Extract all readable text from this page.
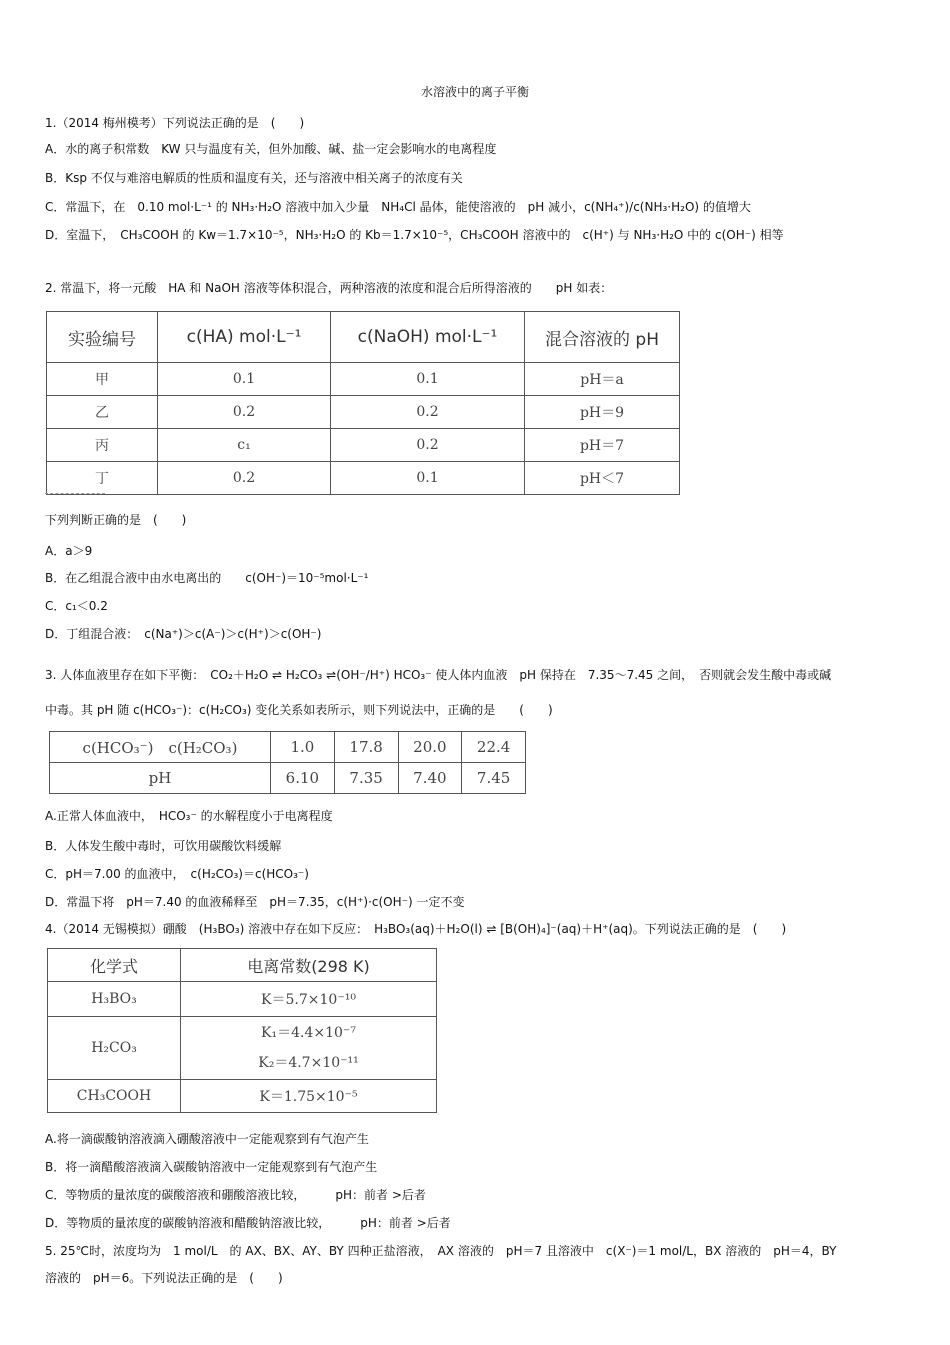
水溶液中的离子平衡
1.（2014 梅州模考）下列说法正确的是　(　　)
A．水的离子积常数　KW 只与温度有关，但外加酸、碱、盐一定会影响水的电离程度
B．Ksp 不仅与难溶电解质的性质和温度有关，还与溶液中相关离子的浓度有关
C．常温下，在　0.10 mol·L⁻¹ 的 NH₃·H₂O 溶液中加入少量　NH₄Cl 晶体，能使溶液的　pH 减小，c(NH₄⁺)/c(NH₃·H₂O) 的值增大
D．室温下，　CH₃COOH 的 Kw＝1.7×10⁻⁵，NH₃·H₂O 的 Kb＝1.7×10⁻⁵，CH₃COOH 溶液中的　c(H⁺) 与 NH₃·H₂O 中的 c(OH⁻) 相等
2. 常温下，将一元酸　HA 和 NaOH 溶液等体积混合，两种溶液的浓度和混合后所得溶液的　　pH 如表：
实验编号	c(HA) mol·L⁻¹	c(NaOH) mol·L⁻¹	混合溶液的 pH
甲	0.1	0.1	pH＝a
乙	0.2	0.2	pH＝9
丙	c₁	0.2	pH＝7
丁	0.2	0.1	pH＜7
下列判断正确的是　(　　)
A．a＞9
B．在乙组混合液中由水电离出的　　c(OH⁻)＝10⁻⁵mol·L⁻¹
C．c₁＜0.2
D．丁组混合液：　c(Na⁺)＞c(A⁻)＞c(H⁺)＞c(OH⁻)
3. 人体血液里存在如下平衡：　CO₂＋H₂O ⇌ H₂CO₃ ⇌(OH⁻/H⁺) HCO₃⁻ 使人体内血液　pH 保持在　7.35～7.45 之间，　否则就会发生酸中毒或碱
中毒。其 pH 随 c(HCO₃⁻)：c(H₂CO₃) 变化关系如表所示，则下列说法中，正确的是　　(　　)
c(HCO₃⁻)　c(H₂CO₃)	1.0	17.8	20.0	22.4
pH	6.10	7.35	7.40	7.45
A.正常人体血液中，　HCO₃⁻ 的水解程度小于电离程度
B．人体发生酸中毒时，可饮用碳酸饮料缓解
C．pH＝7.00 的血液中，　c(H₂CO₃)＝c(HCO₃⁻)
D．常温下将　pH＝7.40 的血液稀释至　pH＝7.35，c(H⁺)·c(OH⁻) 一定不变
4.（2014 无锡模拟）硼酸　(H₃BO₃) 溶液中存在如下反应：　H₃BO₃(aq)＋H₂O(l) ⇌ [B(OH)₄]⁻(aq)＋H⁺(aq)。下列说法正确的是　(　　)
化学式	电离常数(298 K)
H₃BO₃	K＝5.7×10⁻¹⁰
H₂CO₃	K₁＝4.4×10⁻⁷
K₂＝4.7×10⁻¹¹

CH₃COOH	K＝1.75×10⁻⁵
A.将一滴碳酸钠溶液滴入硼酸溶液中一定能观察到有气泡产生
B．将一滴醋酸溶液滴入碳酸钠溶液中一定能观察到有气泡产生
C．等物质的量浓度的碳酸溶液和硼酸溶液比较，　　　pH：前者 >后者
D．等物质的量浓度的碳酸钠溶液和醋酸钠溶液比较，　　　pH：前者 >后者
5. 25℃时，浓度均为　1 mol/L　的 AX、BX、AY、BY 四种正盐溶液，　AX 溶液的　pH＝7 且溶液中　c(X⁻)＝1 mol/L，BX 溶液的　pH＝4，BY
溶液的　pH＝6。下列说法正确的是　(　　)
